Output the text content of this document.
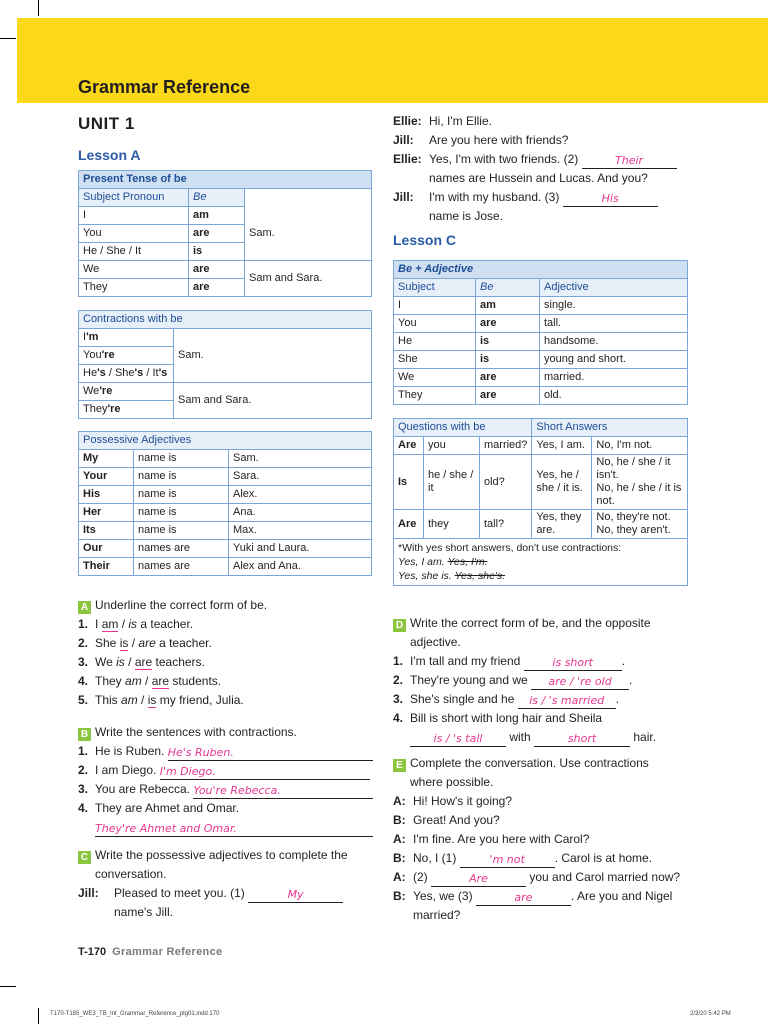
Grammar Reference
UNIT 1
Lesson A
Present Tense of be		
Subject Pronoun	Be	
I	am	Sam.
You	are	
He / She / It	is	
We	are	Sam and Sara.
They	are	
Contractions with be	
I'm	Sam.
You're	
He's / She's / It's	
We're	Sam and Sara.
They're	
Possessive Adjectives		
My	name is	Sam.
Your	name is	Sara.
His	name is	Alex.
Her	name is	Ana.
Its	name is	Max.
Our	names are	Yuki and Laura.
Their	names are	Alex and Ana.
A Underline the correct form of be.
1. I am / is a teacher.
2. She is / are a teacher.
3. We is / are teachers.
4. They am / are students.
5. This am / is my friend, Julia.
B Write the sentences with contractions.
1. He is Ruben. He's Ruben.
2. I am Diego. I'm Diego.
3. You are Rebecca. You're Rebecca.
4. They are Ahmet and Omar.
They're Ahmet and Omar.
C Write the possessive adjectives to complete the
conversation.
Jill: Pleased to meet you. (1)	My
name's Jill.
Ellie: Hi, I'm Ellie.
Jill: Are you here with friends?
Ellie: Yes, I'm with two friends. (2)	Their
names are Hussein and Lucas. And you?
Jill: I'm with my husband. (3)	His
name is Jose.
Lesson C
Be + Adjective		
Subject	Be	Adjective
I	am	single.
You	are	tall.
He	is	handsome.
She	is	young and short.
We	are	married.
They	are	old.
Questions with be			Short Answers	
Are	you	married?	Yes, I am.	No, I'm not.
Is	he / she / it	old?	Yes, he / she / it is.	No, he / she / it isn't.
No, he / she / it is not.

Are	they	tall?	Yes, they are.	No, they're not.
No, they aren't.

*With yes short answers, don't use contractions:
Yes, I am. Yes, I'm.
Yes, she is. Yes, she's.				
D Write the correct form of be, and the opposite
adjective.
1. I'm tall and my friend	is short .
2. They're young and we are / 're old .
3. She's single and he is / 's married .
4. Bill is short with long hair and Sheila
is / 's tall with	short	hair.
E Complete the conversation. Use contractions
where possible.
A: Hi! How's it going?
B: Great! And you?
A: I'm fine. Are you here with Carol?
B: No, I (1)	'm not . Carol is at home.
A: (2)	Are	you and Carol married now?
B: Yes, we (3)	are	. Are you and Nigel
married?
T-170 Grammar Reference
T170-T185_WE3_TB_Int_Grammar_Reference_ptg01.indd 170	2/3/20 5:42 PM
